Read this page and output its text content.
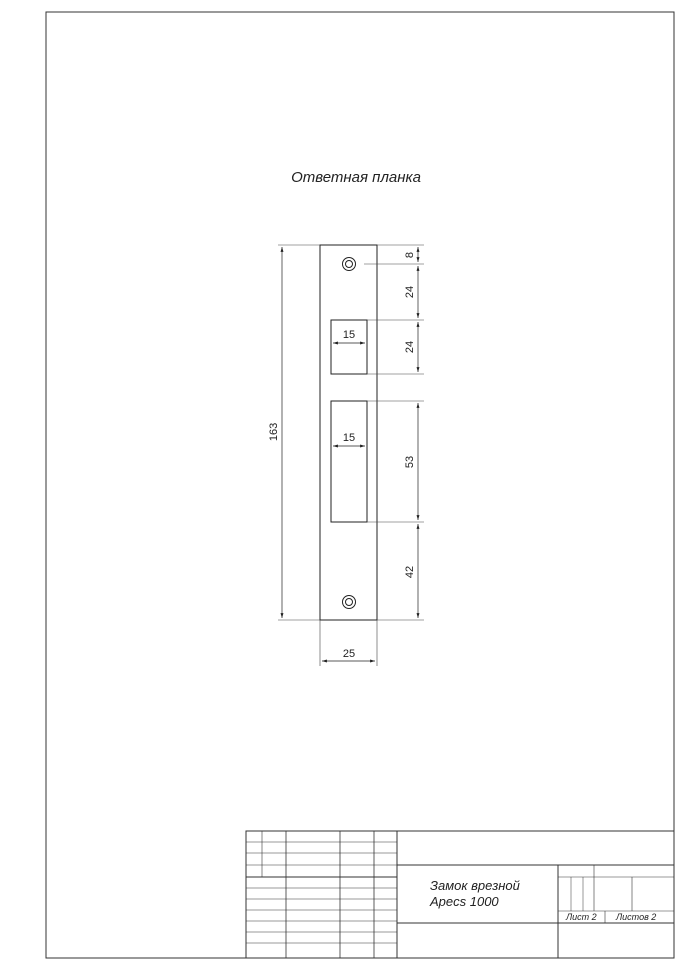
Ответная планка
163
25
8
24
24
53
42
15
15
Замок врезной
Apecs 1000
Лист 2 Листов 2
